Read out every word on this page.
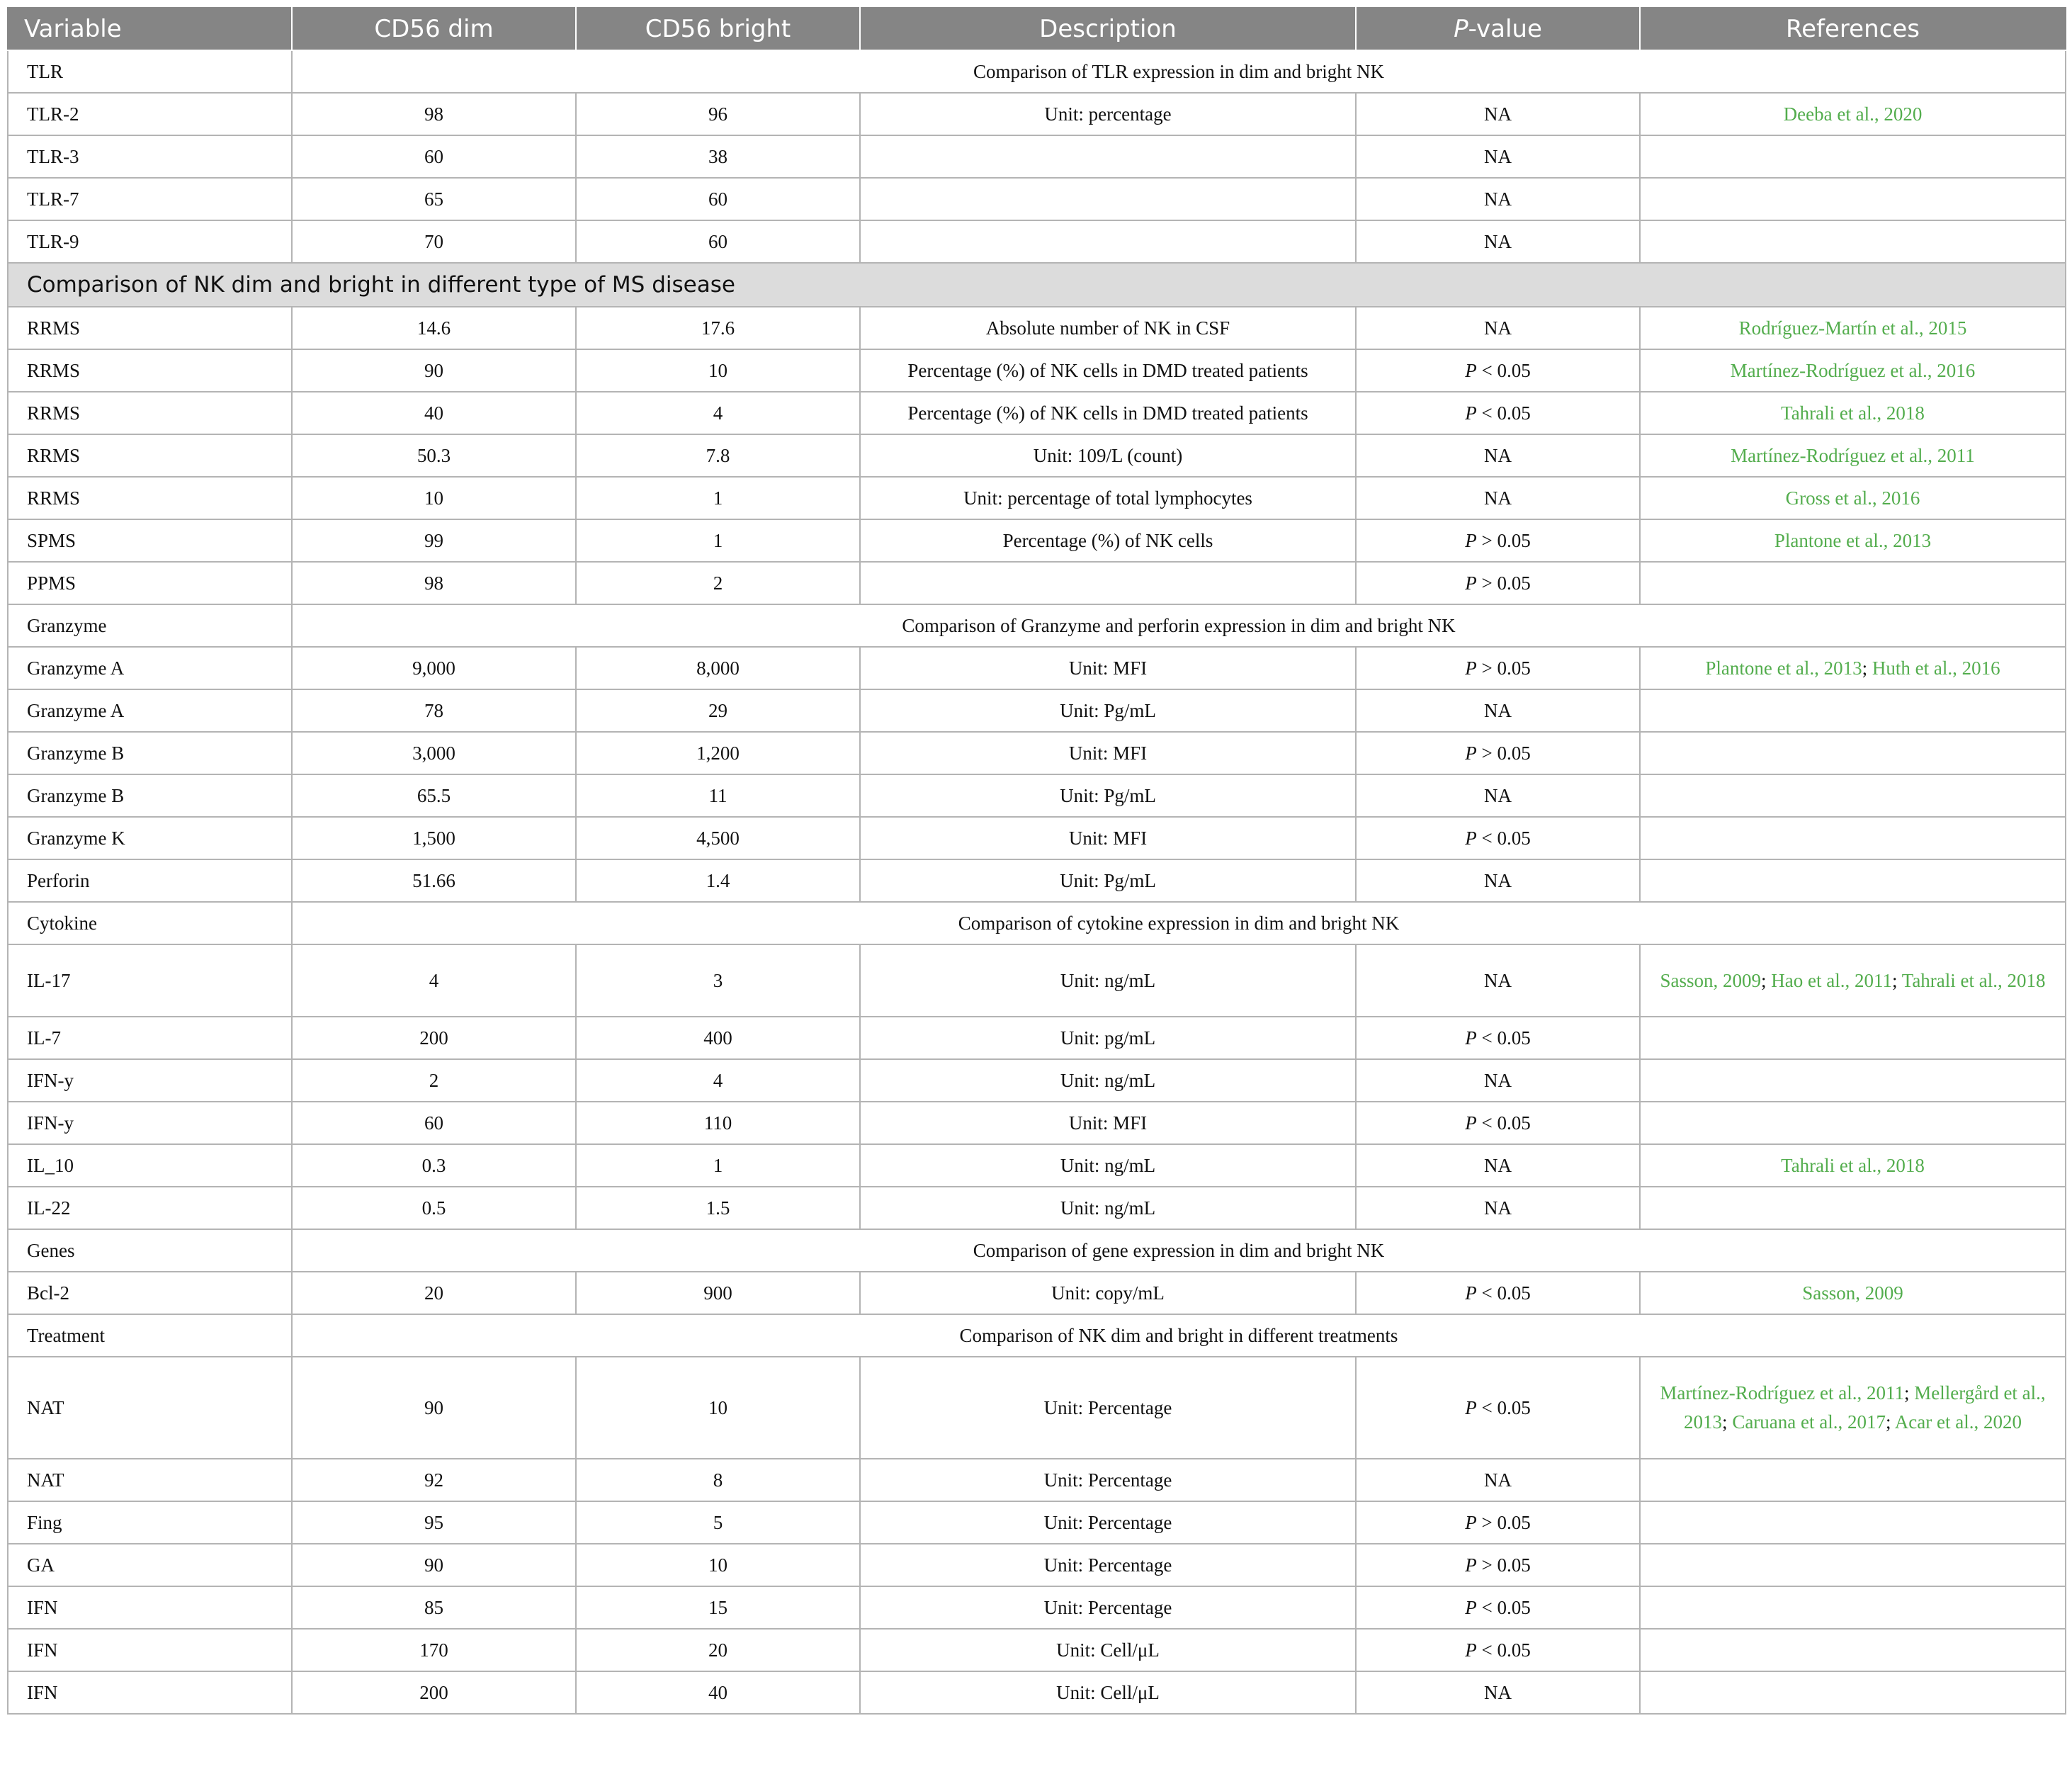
Variable	CD56 dim	CD56 bright	Description	P-value	References
TLR	Comparison of TLR expression in dim and bright NK				
TLR-2	98	96	Unit: percentage	NA	Deeba et al., 2020
TLR-3	60	38		NA	
TLR-7	65	60		NA	
TLR-9	70	60		NA	
Comparison of NK dim and bright in different type of MS disease					
RRMS	14.6	17.6	Absolute number of NK in CSF	NA	Rodríguez-Martín et al., 2015
RRMS	90	10	Percentage (%) of NK cells in DMD treated patients	P < 0.05	Martínez-Rodríguez et al., 2016
RRMS	40	4	Percentage (%) of NK cells in DMD treated patients	P < 0.05	Tahrali et al., 2018
RRMS	50.3	7.8	Unit: 109/L (count)	NA	Martínez-Rodríguez et al., 2011
RRMS	10	1	Unit: percentage of total lymphocytes	NA	Gross et al., 2016
SPMS	99	1	Percentage (%) of NK cells	P > 0.05	Plantone et al., 2013
PPMS	98	2		P > 0.05	
Granzyme	Comparison of Granzyme and perforin expression in dim and bright NK				
Granzyme A	9,000	8,000	Unit: MFI	P > 0.05	Plantone et al., 2013; Huth et al., 2016
Granzyme A	78	29	Unit: Pg/mL	NA	
Granzyme B	3,000	1,200	Unit: MFI	P > 0.05	
Granzyme B	65.5	11	Unit: Pg/mL	NA	
Granzyme K	1,500	4,500	Unit: MFI	P < 0.05	
Perforin	51.66	1.4	Unit: Pg/mL	NA	
Cytokine	Comparison of cytokine expression in dim and bright NK				
IL-17	4	3	Unit: ng/mL	NA	Sasson, 2009; Hao et al., 2011; Tahrali et al., 2018
IL-7	200	400	Unit: pg/mL	P < 0.05	
IFN-y	2	4	Unit: ng/mL	NA	
IFN-y	60	110	Unit: MFI	P < 0.05	
IL_10	0.3	1	Unit: ng/mL	NA	Tahrali et al., 2018
IL-22	0.5	1.5	Unit: ng/mL	NA	
Genes	Comparison of gene expression in dim and bright NK				
Bcl-2	20	900	Unit: copy/mL	P < 0.05	Sasson, 2009
Treatment	Comparison of NK dim and bright in different treatments				
NAT	90	10	Unit: Percentage	P < 0.05	Martínez-Rodríguez et al., 2011; Mellergård et al., 2013; Caruana et al., 2017; Acar et al., 2020
NAT	92	8	Unit: Percentage	NA	
Fing	95	5	Unit: Percentage	P > 0.05	
GA	90	10	Unit: Percentage	P > 0.05	
IFN	85	15	Unit: Percentage	P < 0.05	
IFN	170	20	Unit: Cell/μL	P < 0.05	
IFN	200	40	Unit: Cell/μL	NA	
